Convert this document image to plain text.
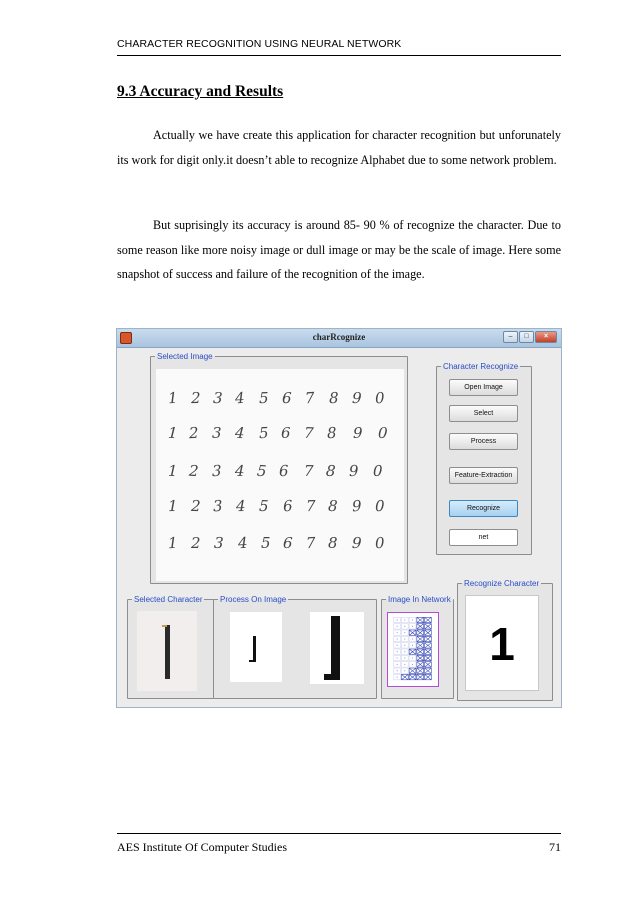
CHARACTER RECOGNITION USING NEURAL NETWORK
9.3 Accuracy and Results

Actually we have create this application for character recognition but unforunately its work for digit only.it doesn’t able to recognize Alphabet due to some network problem.

But suprisingly its accuracy is around 85- 90 % of recognize the character. Due to some reason like more noisy image or dull image or may be the scale of image. Here some snapshot of success and failure of the recognition of the image.

charRcognize	–	□	×
Selected Image
1 2 3 4 5 6 7 8 9 0
1 2 3 4 5 6 7 8 9 0
1 2 3 4 5 6 7 8 9 0
1 2 3 4 5 6 7 8 9 0
1 2 3 4 5 6 7 8 9 0
Character Recognize
Open Image
Select
Process
Feature-Extraction
Recognize
net
Selected Character Process On Image	Image In Network
Recognize Character
1
AES Institute Of Computer Studies	71
